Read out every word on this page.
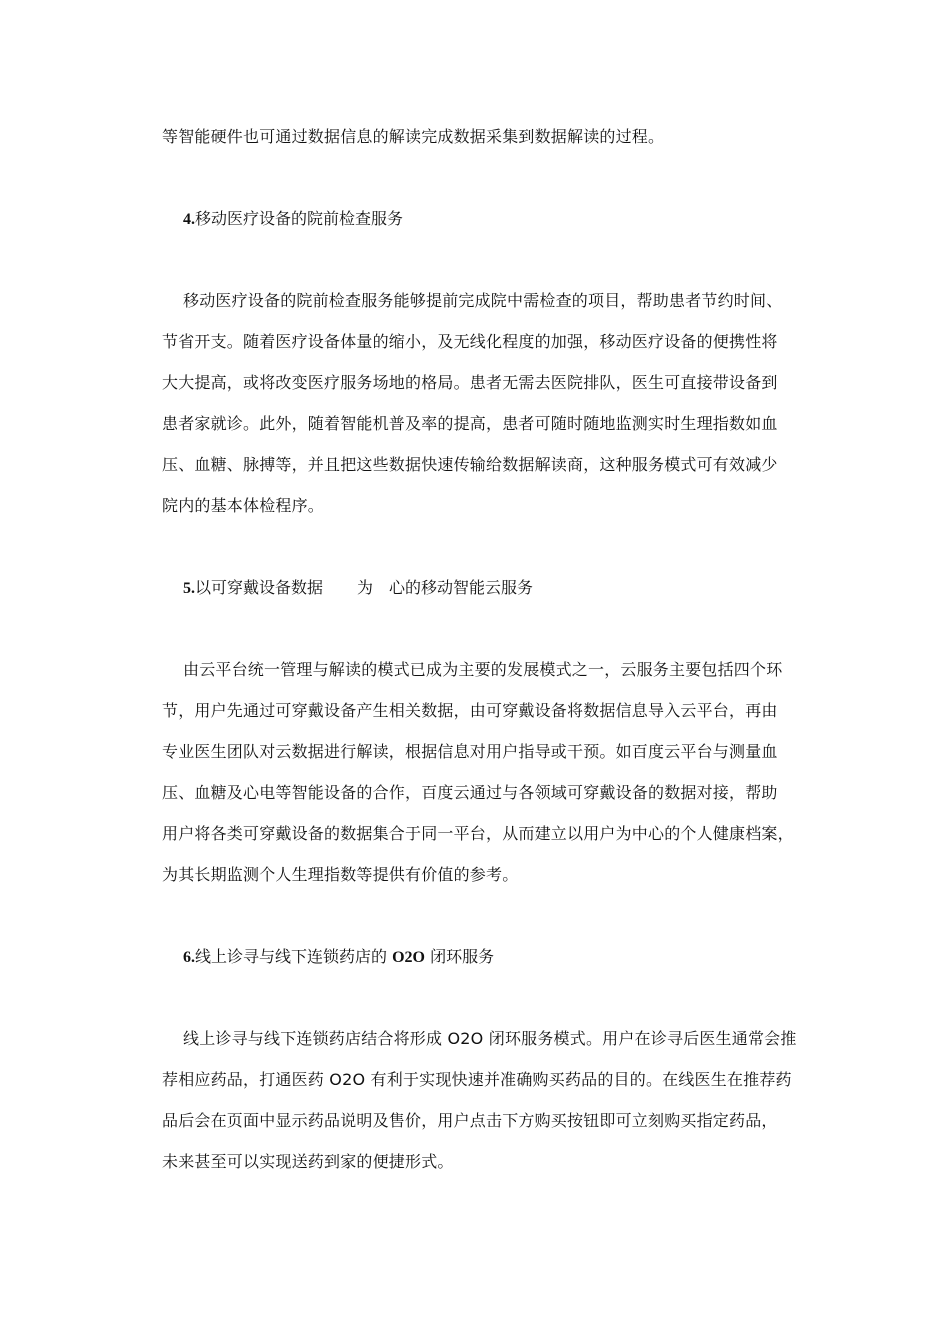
等智能硬件也可通过数据信息的解读完成数据采集到数据解读的过程。
4.移动医疗设备的院前检查服务
移动医疗设备的院前检查服务能够提前完成院中需检查的项目，帮助患者节约时间、
节省开支。随着医疗设备体量的缩小，及无线化程度的加强，移动医疗设备的便携性将
大大提高，或将改变医疗服务场地的格局。患者无需去医院排队，医生可直接带设备到
患者家就诊。此外，随着智能机普及率的提高，患者可随时随地监测实时生理指数如血
压、血糖、脉搏等，并且把这些数据快速传输给数据解读商，这种服务模式可有效减少
院内的基本体检程序。
5.以可穿戴设备数据 为 心的移动智能云服务
由云平台统一管理与解读的模式已成为主要的发展模式之一，云服务主要包括四个环
节，用户先通过可穿戴设备产生相关数据，由可穿戴设备将数据信息导入云平台，再由
专业医生团队对云数据进行解读，根据信息对用户指导或干预。如百度云平台与测量血
压、血糖及心电等智能设备的合作，百度云通过与各领域可穿戴设备的数据对接，帮助
用户将各类可穿戴设备的数据集合于同一平台，从而建立以用户为中心的个人健康档案，
为其长期监测个人生理指数等提供有价值的参考。
6.线上诊寻与线下连锁药店的 O2O 闭环服务
线上诊寻与线下连锁药店结合将形成 O2O 闭环服务模式。用户在诊寻后医生通常会推
荐相应药品，打通医药 O2O 有利于实现快速并准确购买药品的目的。在线医生在推荐药
品后会在页面中显示药品说明及售价，用户点击下方购买按钮即可立刻购买指定药品，
未来甚至可以实现送药到家的便捷形式。
